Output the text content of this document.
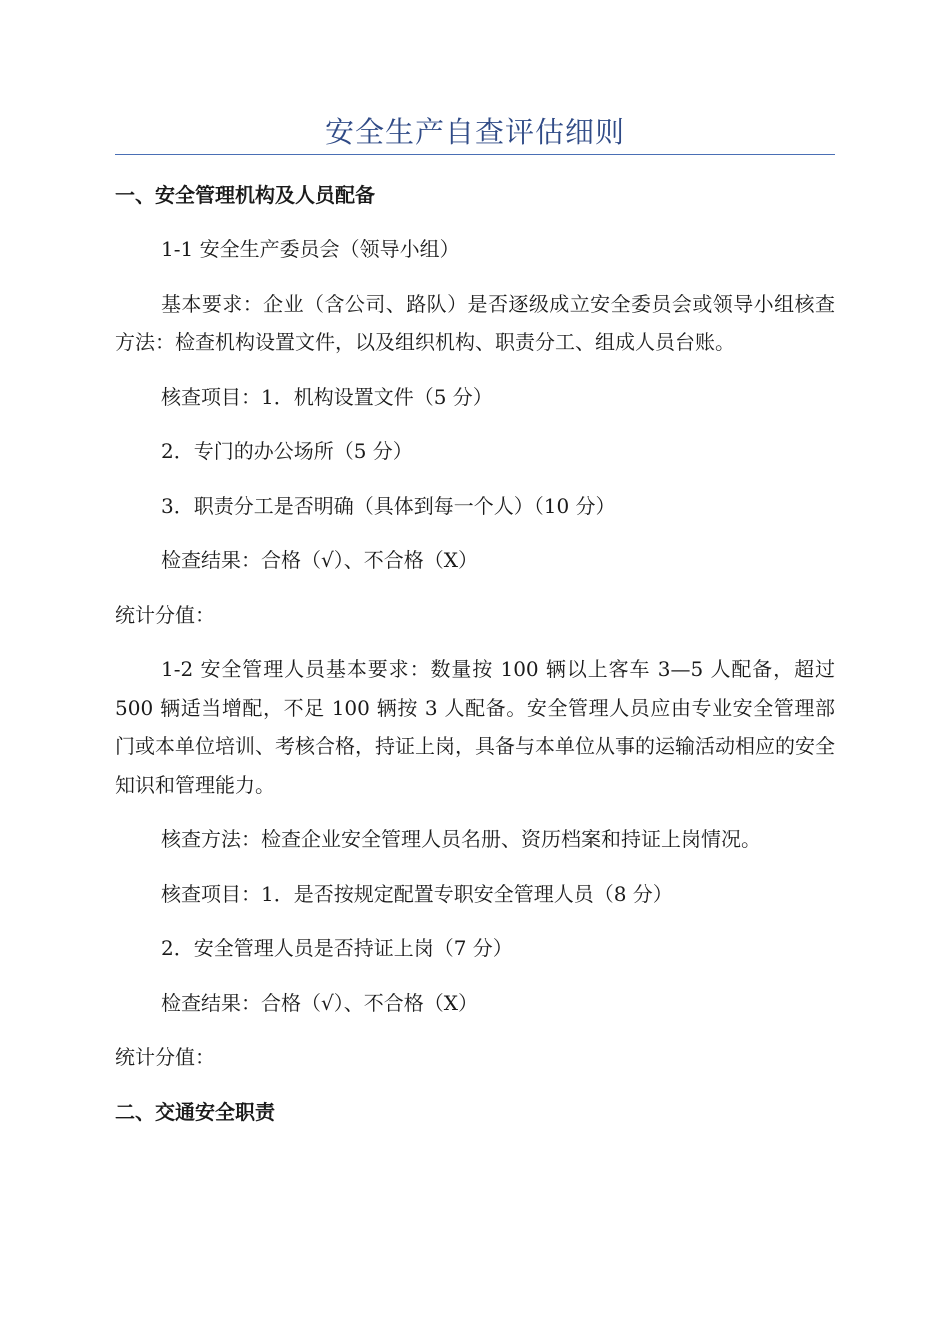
安全生产自查评估细则

一、安全管理机构及人员配备

1-1 安全生产委员会（领导小组）

基本要求：企业（含公司、路队）是否逐级成立安全委员会或领导小组核查方法：检查机构设置文件，以及组织机构、职责分工、组成人员台账。

核查项目：1．机构设置文件（5 分）

2．专门的办公场所（5 分）

3．职责分工是否明确（具体到每一个人）（10 分）

检查结果：合格（√）、不合格（X）

统计分值：

1-2 安全管理人员基本要求：数量按 100 辆以上客车 3—5 人配备，超过 500 辆适当增配，不足 100 辆按 3 人配备。安全管理人员应由专业安全管理部门或本单位培训、考核合格，持证上岗，具备与本单位从事的运输活动相应的安全知识和管理能力。

核查方法：检查企业安全管理人员名册、资历档案和持证上岗情况。

核查项目：1．是否按规定配置专职安全管理人员（8 分）

2．安全管理人员是否持证上岗（7 分）

检查结果：合格（√）、不合格（X）

统计分值：

二、交通安全职责
